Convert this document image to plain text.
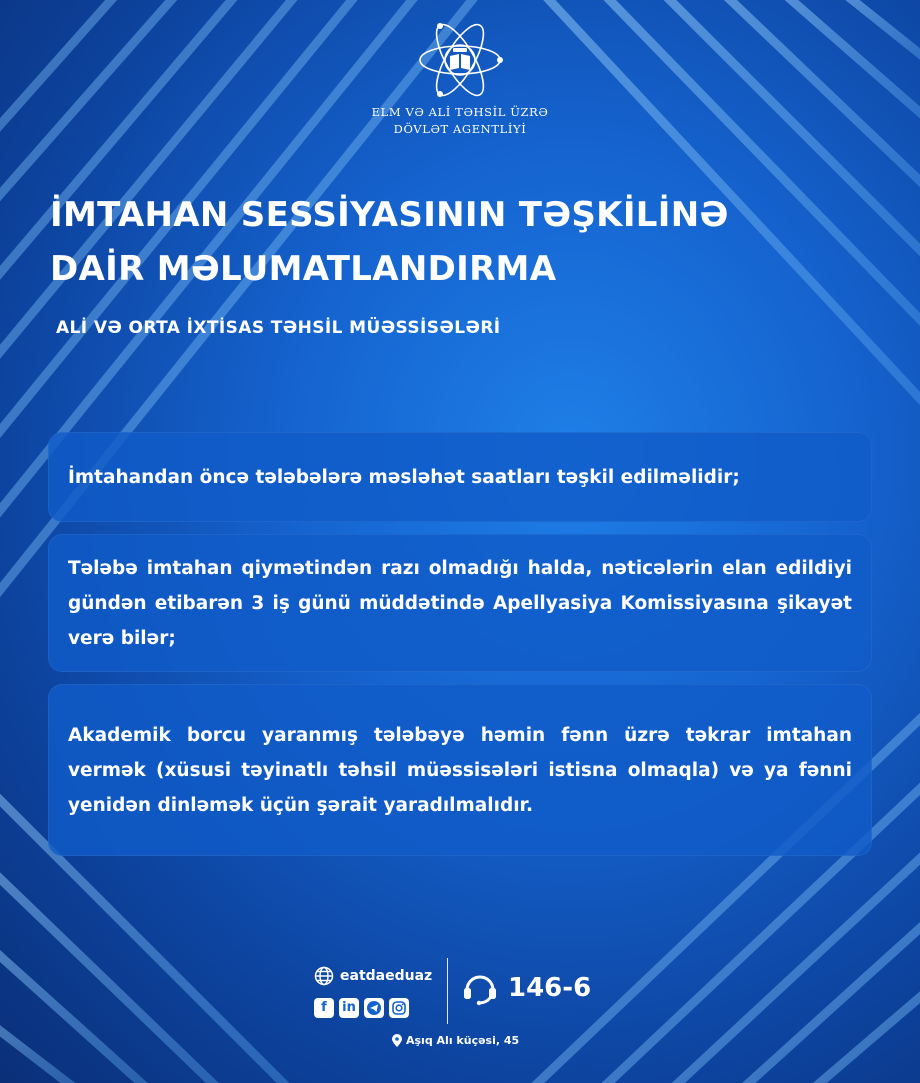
ELM VƏ ALİ TƏHSİL ÜZRƏ
DÖVLƏT AGENTLİYİ
İMTAHAN SESSİYASININ TƏŞKİLİNƏ
DAİR MƏLUMATLANDIRMA
ALİ VƏ ORTA İXTİSAS TƏHSİL MÜƏSSİSƏLƏRİ

İmtahandan öncə tələbələrə məsləhət saatları təşkil edilməlidir;

Tələbə imtahan qiymətindən razı olmadığı halda, nəticələrin elan edildiyi gündən etibarən 3 iş günü müddətində Apellyasiya Komissiyasına şikayət verə bilər;

Akademik borcu yaranmış tələbəyə həmin fənn üzrə təkrar imtahan vermək (xüsusi təyinatlı təhsil müəssisələri istisna olmaqla) və ya fənni yenidən dinləmək üçün şərait yaradılmalıdır.

eatdaeduaz
f	in
146-6
Aşıq Alı küçəsi, 45
